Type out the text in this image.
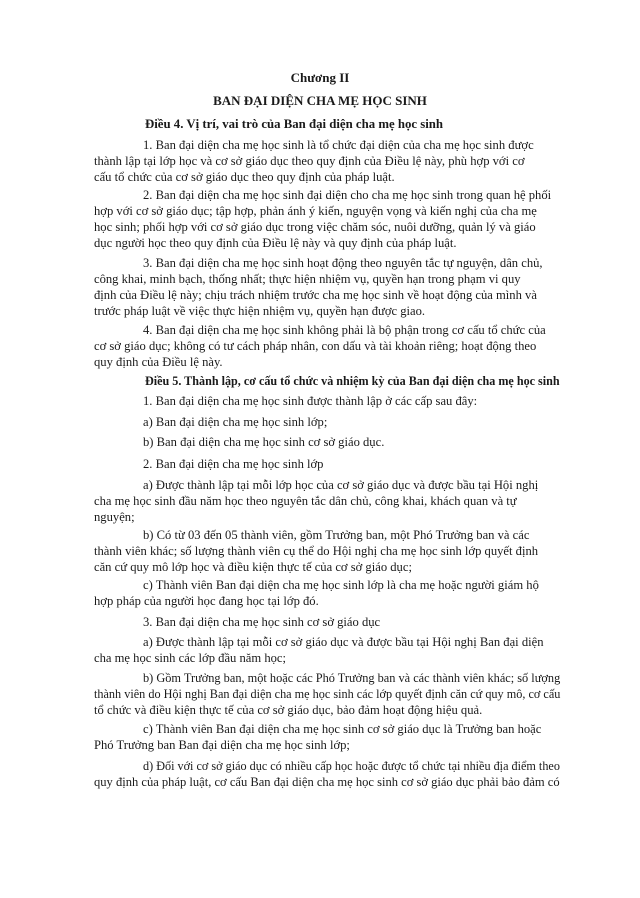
Chương II
BAN ĐẠI DIỆN CHA MẸ HỌC SINH
Điều 4. Vị trí, vai trò của Ban đại diện cha mẹ học sinh
1. Ban đại diện cha mẹ học sinh là tổ chức đại diện của cha mẹ học sinh được
thành lập tại lớp học và cơ sở giáo dục theo quy định của Điều lệ này, phù hợp với cơ
cấu tổ chức của cơ sở giáo dục theo quy định của pháp luật.
2. Ban đại diện cha mẹ học sinh đại diện cho cha mẹ học sinh trong quan hệ phối
hợp với cơ sở giáo dục; tập hợp, phản ánh ý kiến, nguyện vọng và kiến nghị của cha mẹ
học sinh; phối hợp với cơ sở giáo dục trong việc chăm sóc, nuôi dưỡng, quản lý và giáo
dục người học theo quy định của Điều lệ này và quy định của pháp luật.
3. Ban đại diện cha mẹ học sinh hoạt động theo nguyên tắc tự nguyện, dân chủ,
công khai, minh bạch, thống nhất; thực hiện nhiệm vụ, quyền hạn trong phạm vi quy
định của Điều lệ này; chịu trách nhiệm trước cha mẹ học sinh về hoạt động của mình và
trước pháp luật về việc thực hiện nhiệm vụ, quyền hạn được giao.
4. Ban đại diện cha mẹ học sinh không phải là bộ phận trong cơ cấu tổ chức của
cơ sở giáo dục; không có tư cách pháp nhân, con dấu và tài khoản riêng; hoạt động theo
quy định của Điều lệ này.
Điều 5. Thành lập, cơ cấu tổ chức và nhiệm kỳ của Ban đại diện cha mẹ học sinh
1. Ban đại diện cha mẹ học sinh được thành lập ở các cấp sau đây:
a) Ban đại diện cha mẹ học sinh lớp;
b) Ban đại diện cha mẹ học sinh cơ sở giáo dục.
2. Ban đại diện cha mẹ học sinh lớp
a) Được thành lập tại mỗi lớp học của cơ sở giáo dục và được bầu tại Hội nghị
cha mẹ học sinh đầu năm học theo nguyên tắc dân chủ, công khai, khách quan và tự
nguyện;
b) Có từ 03 đến 05 thành viên, gồm Trưởng ban, một Phó Trưởng ban và các
thành viên khác; số lượng thành viên cụ thể do Hội nghị cha mẹ học sinh lớp quyết định
căn cứ quy mô lớp học và điều kiện thực tế của cơ sở giáo dục;
c) Thành viên Ban đại diện cha mẹ học sinh lớp là cha mẹ hoặc người giám hộ
hợp pháp của người học đang học tại lớp đó.
3. Ban đại diện cha mẹ học sinh cơ sở giáo dục
a) Được thành lập tại mỗi cơ sở giáo dục và được bầu tại Hội nghị Ban đại diện
cha mẹ học sinh các lớp đầu năm học;
b) Gồm Trưởng ban, một hoặc các Phó Trưởng ban và các thành viên khác; số lượng
thành viên do Hội nghị Ban đại diện cha mẹ học sinh các lớp quyết định căn cứ quy mô, cơ cấu
tổ chức và điều kiện thực tế của cơ sở giáo dục, bảo đảm hoạt động hiệu quả.
c) Thành viên Ban đại diện cha mẹ học sinh cơ sở giáo dục là Trưởng ban hoặc
Phó Trưởng ban Ban đại diện cha mẹ học sinh lớp;
d) Đối với cơ sở giáo dục có nhiều cấp học hoặc được tổ chức tại nhiều địa điểm theo
quy định của pháp luật, cơ cấu Ban đại diện cha mẹ học sinh cơ sở giáo dục phải bảo đảm có
